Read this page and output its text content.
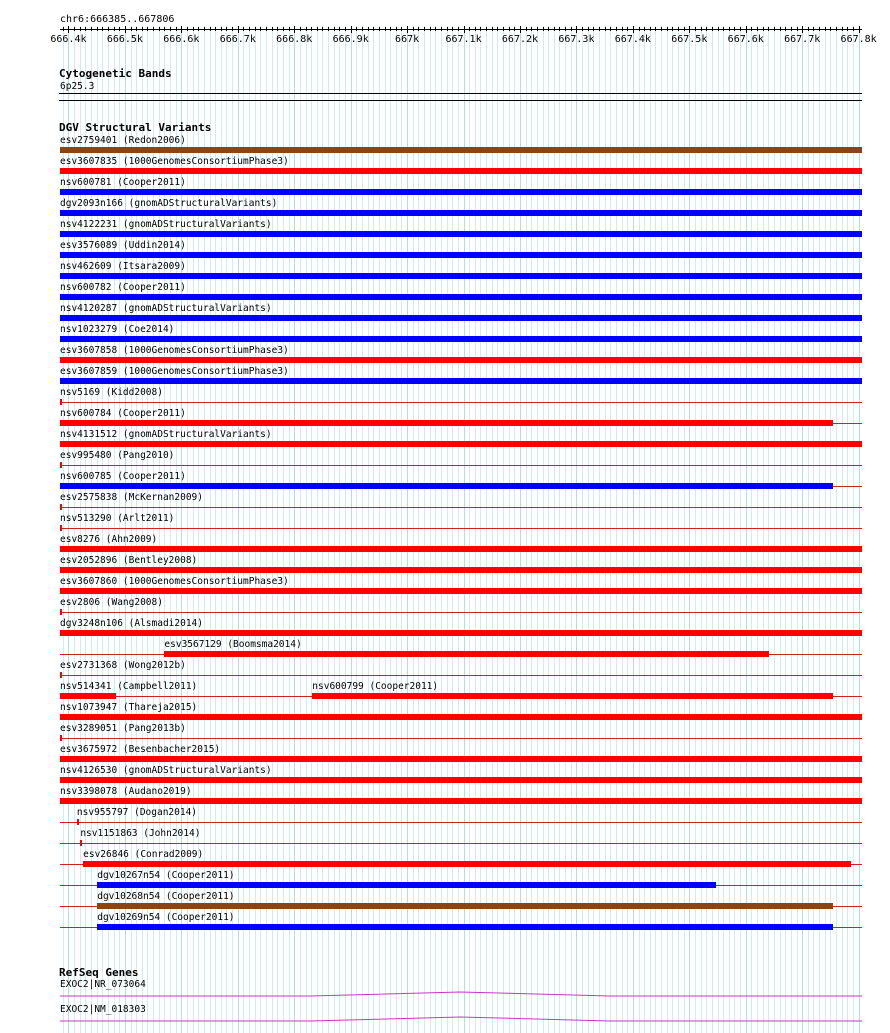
chr6:666385..667806
666.4k 666.5k 666.6k 666.7k 666.8k 666.9k	667k	667.1k 667.2k 667.3k 667.4k 667.5k 667.6k 667.7k 667.8k
Cytogenetic Bands
6p25.3
DGV Structural Variants
esv2759401 (Redon2006)
esv3607835 (1000GenomesConsortiumPhase3)
nsv600781 (Cooper2011)
dgv2093n166 (gnomADStructuralVariants)
nsv4122231 (gnomADStructuralVariants)
esv3576089 (Uddin2014)
nsv462609 (Itsara2009)
nsv600782 (Cooper2011)
nsv4120287 (gnomADStructuralVariants)
nsv1023279 (Coe2014)
esv3607858 (1000GenomesConsortiumPhase3)
esv3607859 (1000GenomesConsortiumPhase3)
nsv5169 (Kidd2008)
nsv600784 (Cooper2011)
nsv4131512 (gnomADStructuralVariants)
esv995480 (Pang2010)
nsv600785 (Cooper2011)
esv2575838 (McKernan2009)
nsv513290 (Arlt2011)
esv8276 (Ahn2009)
esv2052896 (Bentley2008)
esv3607860 (1000GenomesConsortiumPhase3)
esv2806 (Wang2008)
dgv3248n106 (Alsmadi2014)
esv3567129 (Boomsma2014)
esv2731368 (Wong2012b)
nsv514341 (Campbell2011)	nsv600799 (Cooper2011)
nsv1073947 (Thareja2015)
esv3289051 (Pang2013b)
esv3675972 (Besenbacher2015)
nsv4126530 (gnomADStructuralVariants)
nsv3398078 (Audano2019)
nsv955797 (Dogan2014)
nsv1151863 (John2014)
esv26846 (Conrad2009)
dgv10267n54 (Cooper2011)
dgv10268n54 (Cooper2011)
dgv10269n54 (Cooper2011)
RefSeq Genes
EXOC2|NR_073064
EXOC2|NM_018303
